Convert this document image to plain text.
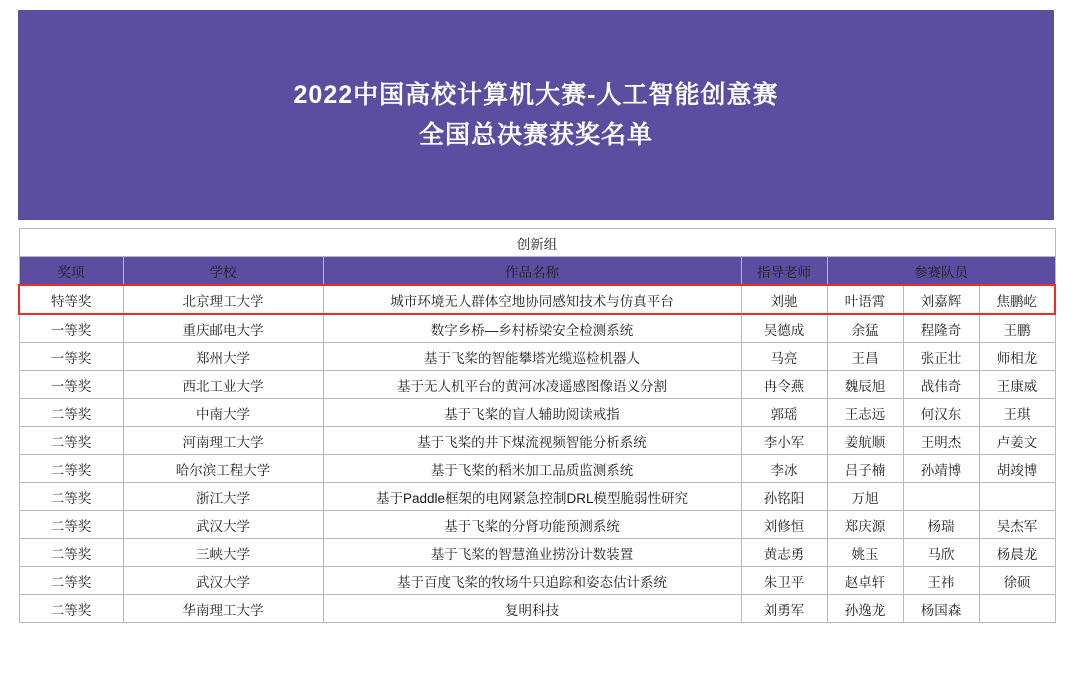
2022中国高校计算机大赛-人工智能创意赛
全国总决赛获奖名单
创新组						
奖项	学校	作品名称	指导老师	参赛队员		
特等奖	北京理工大学	城市环境无人群体空地协同感知技术与仿真平台	刘驰	叶语霄	刘嘉辉	焦鹏屹
一等奖	重庆邮电大学	数字乡桥—乡村桥梁安全检测系统	吴德成	余猛	程隆奇	王鹏
一等奖	郑州大学	基于飞桨的智能攀塔光缆巡检机器人	马亮	王昌	张正壮	师相龙
一等奖	西北工业大学	基于无人机平台的黄河冰凌遥感图像语义分割	冉令燕	魏辰旭	战伟奇	王康威
二等奖	中南大学	基于飞桨的盲人辅助阅读戒指	郭瑶	王志远	何汉东	王琪
二等奖	河南理工大学	基于飞桨的井下煤流视频智能分析系统	李小军	姜航顺	王明杰	卢姜文
二等奖	哈尔滨工程大学	基于飞桨的稻米加工品质监测系统	李冰	吕子楠	孙靖博	胡竣博
二等奖	浙江大学	基于Paddle框架的电网紧急控制DRL模型脆弱性研究	孙铭阳	万旭		
二等奖	武汉大学	基于飞桨的分肾功能预测系统	刘修恒	郑庆源	杨瑞	吴杰军
二等奖	三峡大学	基于飞桨的智慧渔业捞汾计数装置	黄志勇	姚玉	马欣	杨晨龙
二等奖	武汉大学	基于百度飞桨的牧场牛只追踪和姿态估计系统	朱卫平	赵卓轩	王祎	徐硕
二等奖	华南理工大学	复明科技	刘勇军	孙逸龙	杨国森	
